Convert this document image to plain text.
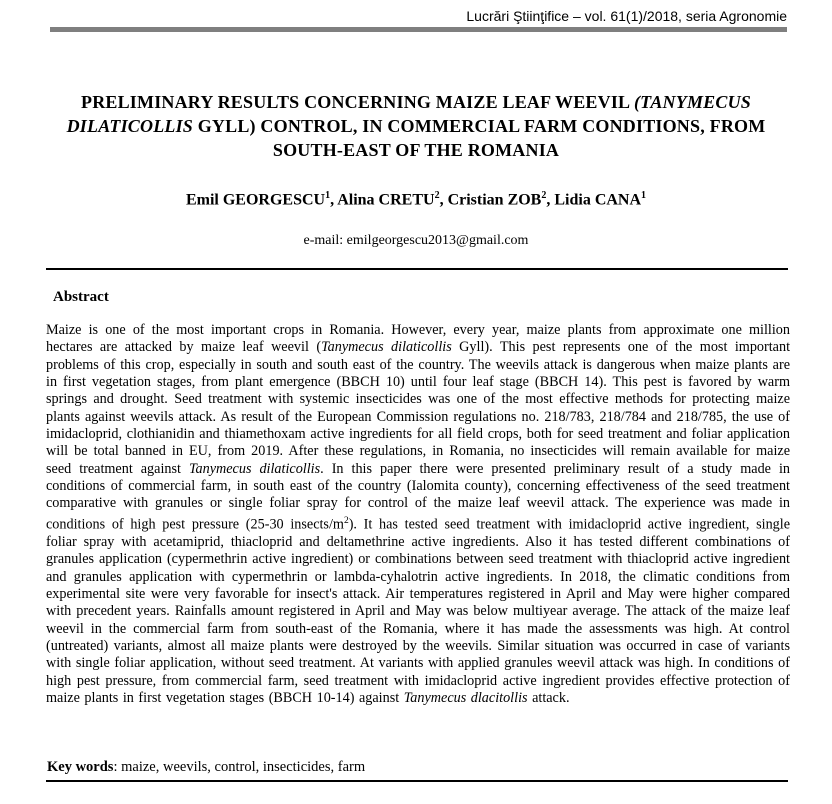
Lucrări Ştiinţifice – vol. 61(1)/2018, seria Agronomie
PRELIMINARY RESULTS CONCERNING MAIZE LEAF WEEVIL (TANYMECUS DILATICOLLIS GYLL) CONTROL, IN COMMERCIAL FARM CONDITIONS, FROM SOUTH-EAST OF THE ROMANIA
Emil GEORGESCU$^1$, Alina CRETU$^2$, Cristian ZOB$^2$, Lidia CANA$^1$
e-mail: emilgeorgescu2013@gmail.com
Abstract

Maize is one of the most important crops in Romania. However, every year, maize plants from approximate one million hectares are attacked by maize leaf weevil (Tanymecus dilaticollis Gyll). This pest represents one of the most important problems of this crop, especially in south and south east of the country. The weevils attack is dangerous when maize plants are in first vegetation stages, from plant emergence (BBCH 10) until four leaf stage (BBCH 14). This pest is favored by warm springs and drought. Seed treatment with systemic insecticides was one of the most effective methods for protecting maize plants against weevils attack. As result of the European Commission regulations no. 218/783, 218/784 and 218/785, the use of imidacloprid, clothianidin and thiamethoxam active ingredients for all field crops, both for seed treatment and foliar application will be total banned in EU, from 2019. After these regulations, in Romania, no insecticides will remain available for maize seed treatment against Tanymecus dilaticollis. In this paper there were presented preliminary result of a study made in conditions of commercial farm, in south east of the country (Ialomita county), concerning effectiveness of the seed treatment comparative with granules or single foliar spray for control of the maize leaf weevil attack. The experience was made in conditions of high pest pressure (25-30 insects/$m^2$). It has tested seed treatment with imidacloprid active ingredient, single foliar spray with acetamiprid, thiacloprid and deltamethrine active ingredients. Also it has tested different combinations of granules application (cypermethrin active ingredient) or combinations between seed treatment with thiacloprid active ingredient and granules application with cypermethrin or lambda-cyhalotrin active ingredients. In 2018, the climatic conditions from experimental site were very favorable for insect's attack. Air temperatures registered in April and May were higher compared with precedent years. Rainfalls amount registered in April and May was below multiyear average. The attack of the maize leaf weevil in the commercial farm from south-east of the Romania, where it has made the assessments was high. At control (untreated) variants, almost all maize plants were destroyed by the weevils. Similar situation was occurred in case of variants with single foliar application, without seed treatment. At variants with applied granules weevil attack was high. In conditions of high pest pressure, from commercial farm, seed treatment with imidacloprid active ingredient provides effective protection of maize plants in first vegetation stages (BBCH 10-14) against Tanymecus dlacitollis attack.

Key words: maize, weevils, control, insecticides, farm
